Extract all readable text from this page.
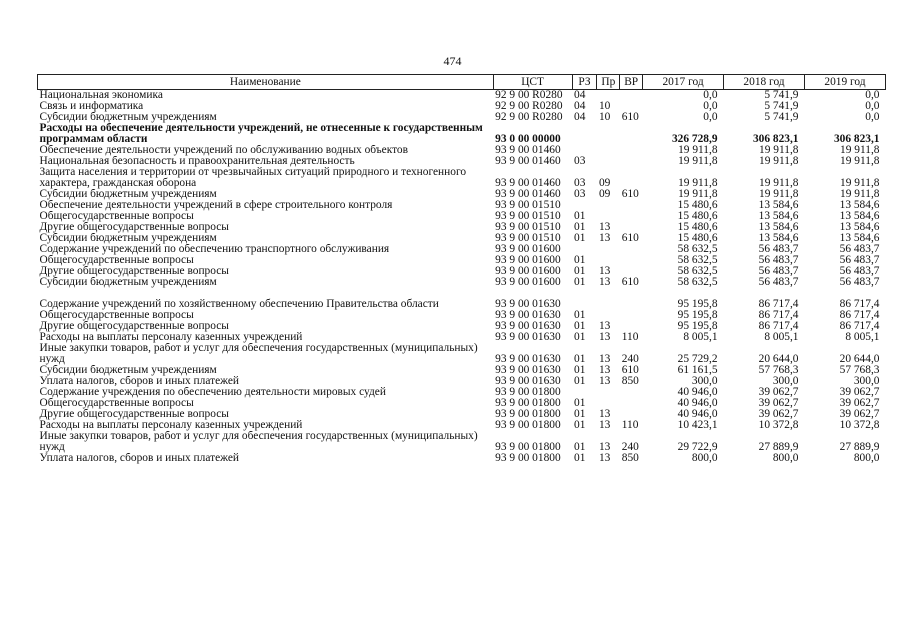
474
Наименование	ЦСТ	РЗ	Пр	ВР	2017 год	2018 год	2019 год
Национальная экономика	92 9 00 R0280	04			0,0	5 741,9	0,0
Связь и информатика	92 9 00 R0280	04	10		0,0	5 741,9	0,0
Субсидии бюджетным учреждениям	92 9 00 R0280	04	10	610	0,0	5 741,9	0,0
Расходы на обеспечение деятельности учреждений, не отнесенные к государственным программам области	93 0 00 00000				326 728,9	306 823,1	306 823,1
Обеспечение деятельности учреждений по обслуживанию водных объектов	93 9 00 01460				19 911,8	19 911,8	19 911,8
Национальная безопасность и правоохранительная деятельность	93 9 00 01460	03			19 911,8	19 911,8	19 911,8
Защита населения и территории от чрезвычайных ситуаций природного и техногенного характера, гражданская оборона	93 9 00 01460	03	09		19 911,8	19 911,8	19 911,8
Субсидии бюджетным учреждениям	93 9 00 01460	03	09	610	19 911,8	19 911,8	19 911,8
Обеспечение деятельности учреждений в сфере строительного контроля	93 9 00 01510				15 480,6	13 584,6	13 584,6
Общегосударственные вопросы	93 9 00 01510	01			15 480,6	13 584,6	13 584,6
Другие общегосударственные вопросы	93 9 00 01510	01	13		15 480,6	13 584,6	13 584,6
Субсидии бюджетным учреждениям	93 9 00 01510	01	13	610	15 480,6	13 584,6	13 584,6
Содержание учреждений по обеспечению транспортного обслуживания	93 9 00 01600				58 632,5	56 483,7	56 483,7
Общегосударственные вопросы	93 9 00 01600	01			58 632,5	56 483,7	56 483,7
Другие общегосударственные вопросы	93 9 00 01600	01	13		58 632,5	56 483,7	56 483,7
Субсидии бюджетным учреждениям	93 9 00 01600	01	13	610	58 632,5	56 483,7	56 483,7
Содержание учреждений по хозяйственному обеспечению Правительства области	93 9 00 01630				95 195,8	86 717,4	86 717,4
Общегосударственные вопросы	93 9 00 01630	01			95 195,8	86 717,4	86 717,4
Другие общегосударственные вопросы	93 9 00 01630	01	13		95 195,8	86 717,4	86 717,4
Расходы на выплаты персоналу казенных учреждений	93 9 00 01630	01	13	110	8 005,1	8 005,1	8 005,1
Иные закупки товаров, работ и услуг для обеспечения государственных (муниципальных) нужд	93 9 00 01630	01	13	240	25 729,2	20 644,0	20 644,0
Субсидии бюджетным учреждениям	93 9 00 01630	01	13	610	61 161,5	57 768,3	57 768,3
Уплата налогов, сборов и иных платежей	93 9 00 01630	01	13	850	300,0	300,0	300,0
Содержание учреждения по обеспечению деятельности мировых судей	93 9 00 01800				40 946,0	39 062,7	39 062,7
Общегосударственные вопросы	93 9 00 01800	01			40 946,0	39 062,7	39 062,7
Другие общегосударственные вопросы	93 9 00 01800	01	13		40 946,0	39 062,7	39 062,7
Расходы на выплаты персоналу казенных учреждений	93 9 00 01800	01	13	110	10 423,1	10 372,8	10 372,8
Иные закупки товаров, работ и услуг для обеспечения государственных (муниципальных) нужд	93 9 00 01800	01	13	240	29 722,9	27 889,9	27 889,9
Уплата налогов, сборов и иных платежей	93 9 00 01800	01	13	850	800,0	800,0	800,0
